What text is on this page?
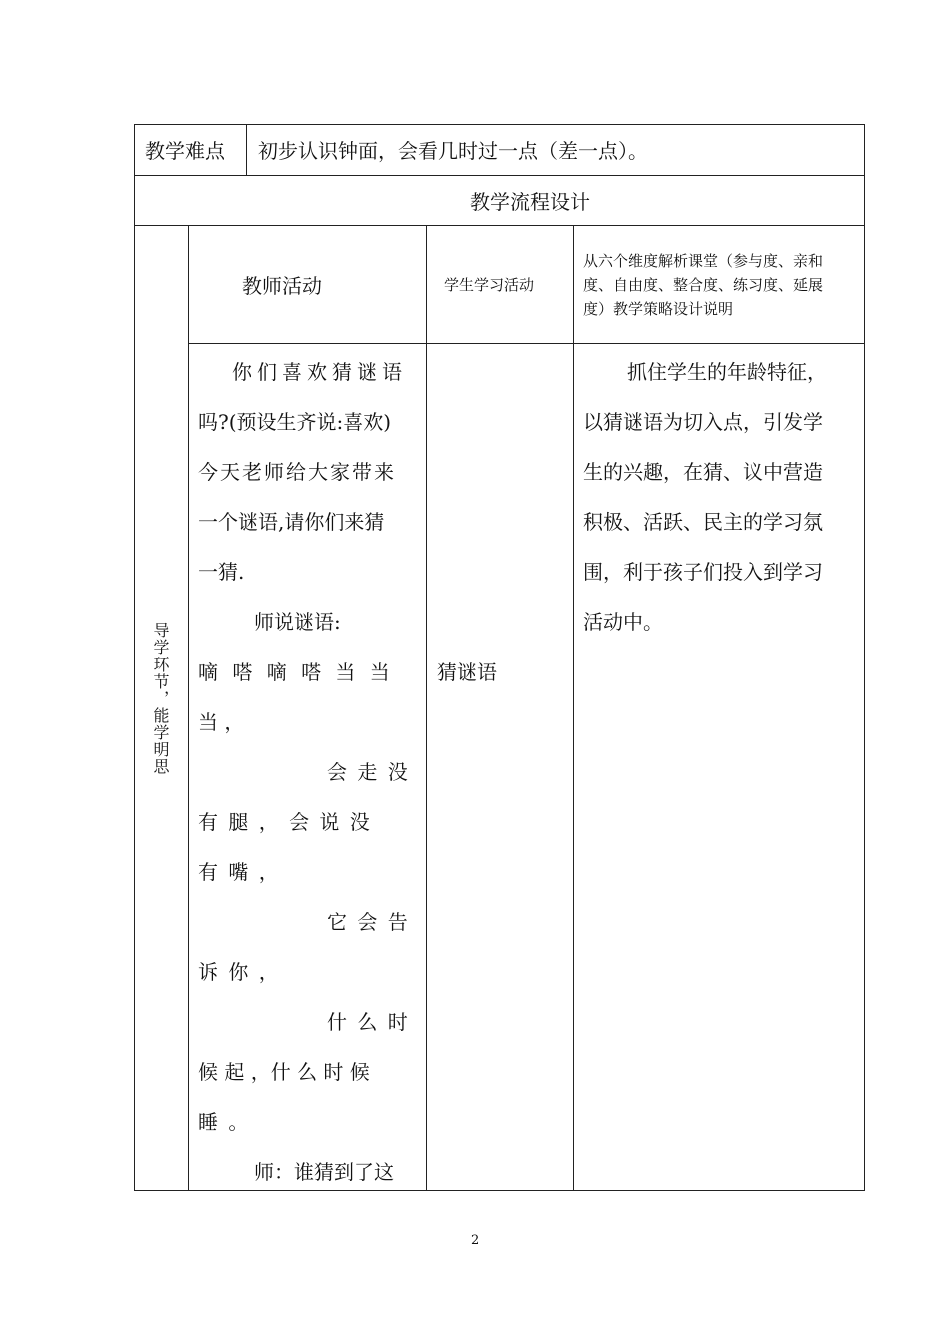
教学难点 初步认识钟面，会看几时过一点（差一点）。
教学流程设计
教师活动	学生学习活动
从六个维度解析课堂（参与度、亲和
度、自由度、整合度、练习度、延展
度）教学策略设计说明
导学环节，能学明思
你们喜欢猜谜语
吗?(预设生齐说:喜欢)
今天老师给大家带来
一个谜语,请你们来猜
一猜.
师说谜语:
嘀 嗒 嘀 嗒 当 当
当 ，
会 走 没
有 腿 ， 会 说 没
有 嘴 ，
它 会 告
诉 你 ，
什 么 时
候 起 ，什 么 时 候
睡 。
师：谁猜到了这
猜谜语
抓住学生的年龄特征，
以猜谜语为切入点，引发学
生的兴趣，在猜、议中营造
积极、活跃、民主的学习氛
围，利于孩子们投入到学习
活动中。
2
